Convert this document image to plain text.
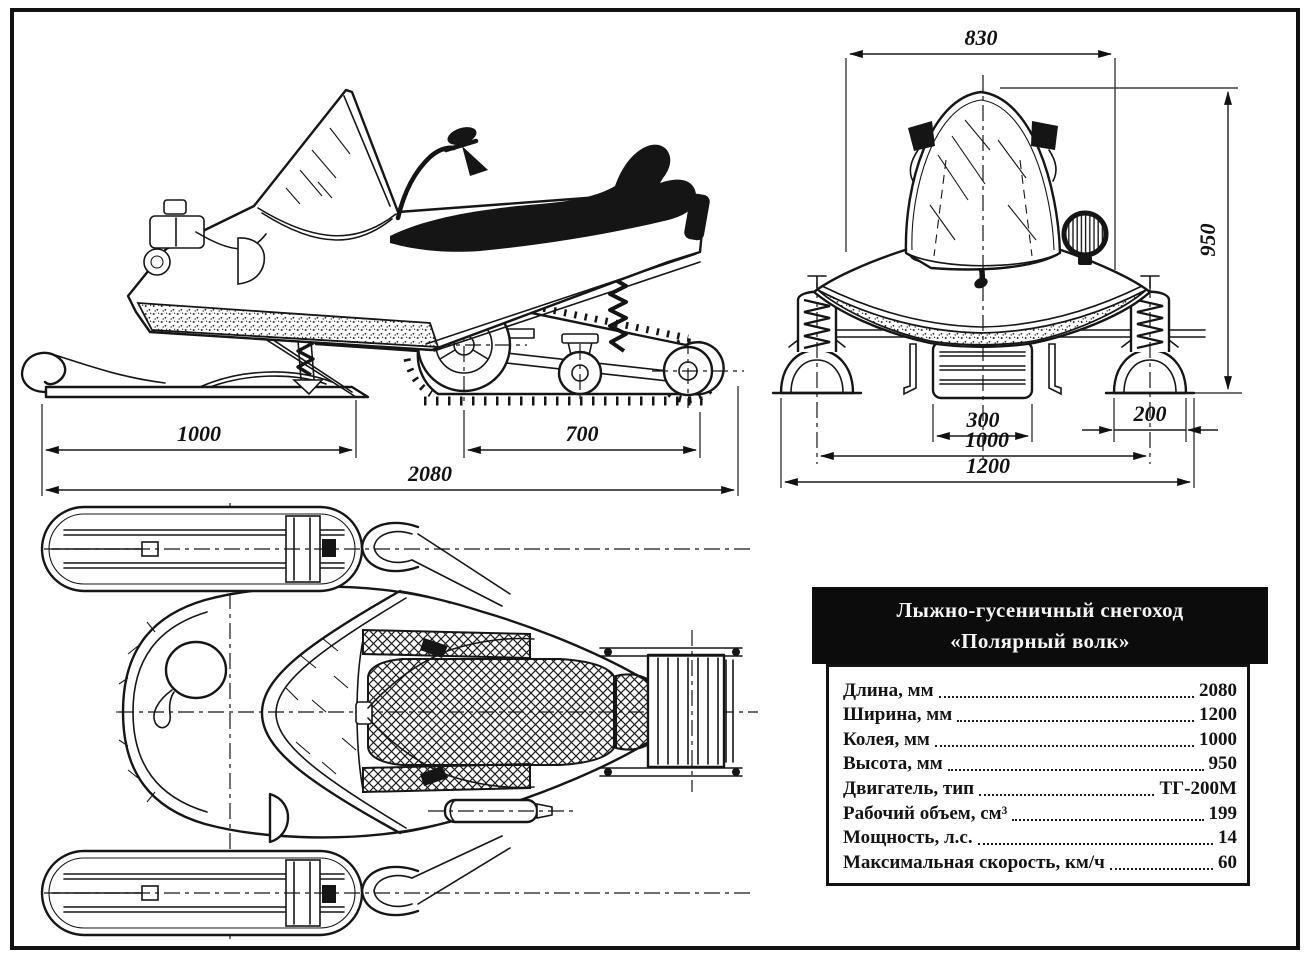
1000	700
2080
830
950
300	200
1000
1200
Лыжно-гусеничный снегоход
«Полярный волк»
Длина, мм	2080
Ширина, мм	1200
Колея, мм	1000
Высота, мм	950
Двигатель, тип	ТГ-200М
Рабочий объем, см³	199
Мощность, л.с.	14
Максимальная скорость, км/ч	60
